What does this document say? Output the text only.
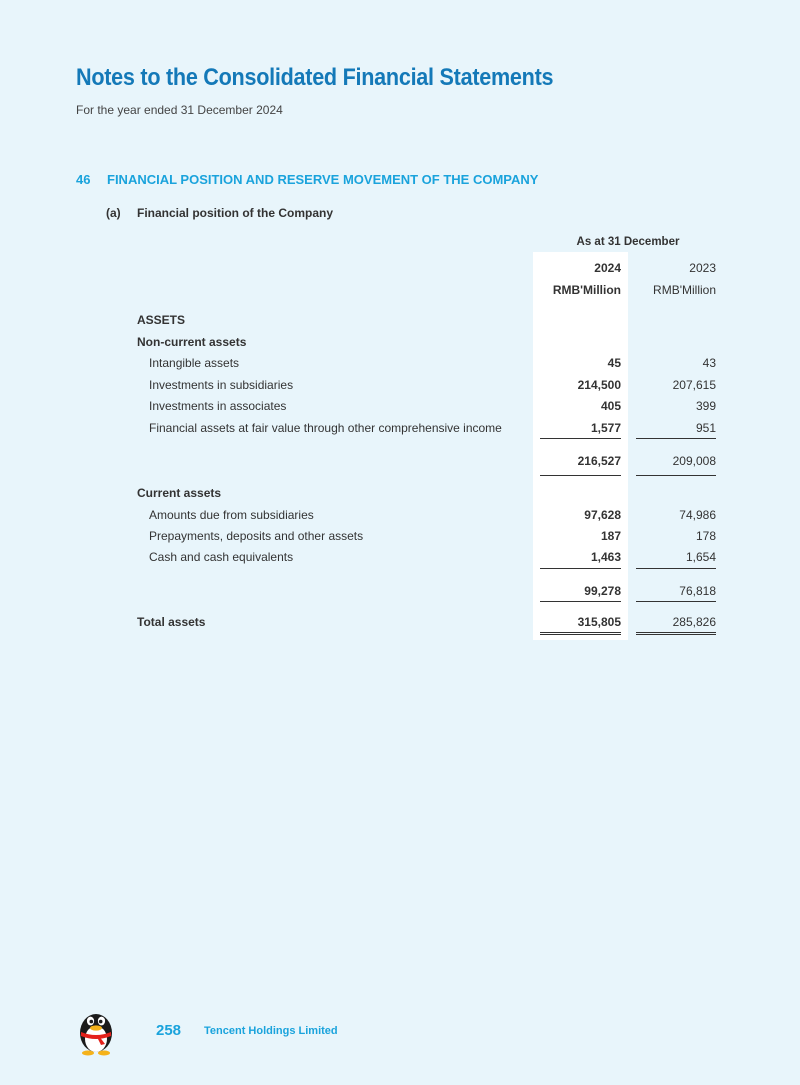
Notes to the Consolidated Financial Statements
For the year ended 31 December 2024
46 FINANCIAL POSITION AND RESERVE MOVEMENT OF THE COMPANY
(a) Financial position of the Company
As at 31 December
2024	2023
RMB'Million	RMB'Million
ASSETS
Non-current assets
Intangible assets	45	43
Investments in subsidiaries	214,500	207,615
Investments in associates	405	399
Financial assets at fair value through other comprehensive income	1,577	951
216,527	209,008
Current assets
Amounts due from subsidiaries	97,628	74,986
Prepayments, deposits and other assets	187	178
Cash and cash equivalents	1,463	1,654
99,278	76,818
Total assets	315,805	285,826
258 Tencent Holdings Limited
